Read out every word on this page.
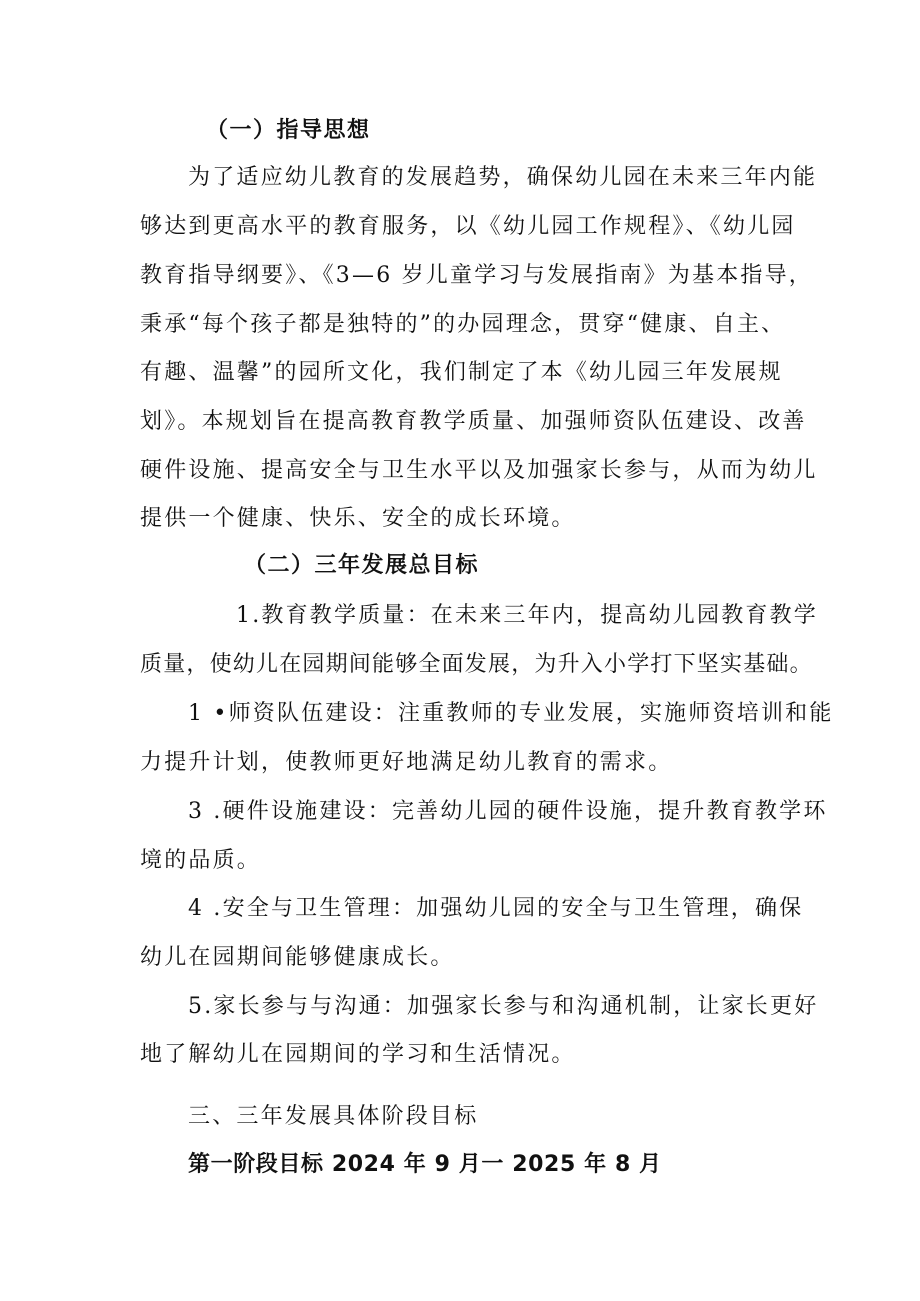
（一）指导思想
为了适应幼儿教育的发展趋势，确保幼儿园在未来三年内能
够达到更高水平的教育服务，以《幼儿园工作规程》、《幼儿园
教育指导纲要》、《3—6 岁儿童学习与发展指南》为基本指导，
秉承“每个孩子都是独特的”的办园理念，贯穿“健康、自主、
有趣、温馨”的园所文化，我们制定了本《幼儿园三年发展规
划》。本规划旨在提高教育教学质量、加强师资队伍建设、改善
硬件设施、提高安全与卫生水平以及加强家长参与，从而为幼儿
提供一个健康、快乐、安全的成长环境。
（二）三年发展总目标
1.教育教学质量：在未来三年内，提高幼儿园教育教学
质量，使幼儿在园期间能够全面发展，为升入小学打下坚实基础。
1 •师资队伍建设：注重教师的专业发展，实施师资培训和能
力提升计划，使教师更好地满足幼儿教育的需求。
3 .硬件设施建设：完善幼儿园的硬件设施，提升教育教学环
境的品质。
4 .安全与卫生管理：加强幼儿园的安全与卫生管理，确保
幼儿在园期间能够健康成长。
5.家长参与与沟通：加强家长参与和沟通机制，让家长更好
地了解幼儿在园期间的学习和生活情况。
三、三年发展具体阶段目标
第一阶段目标 2024 年 9 月一 2025 年 8 月
